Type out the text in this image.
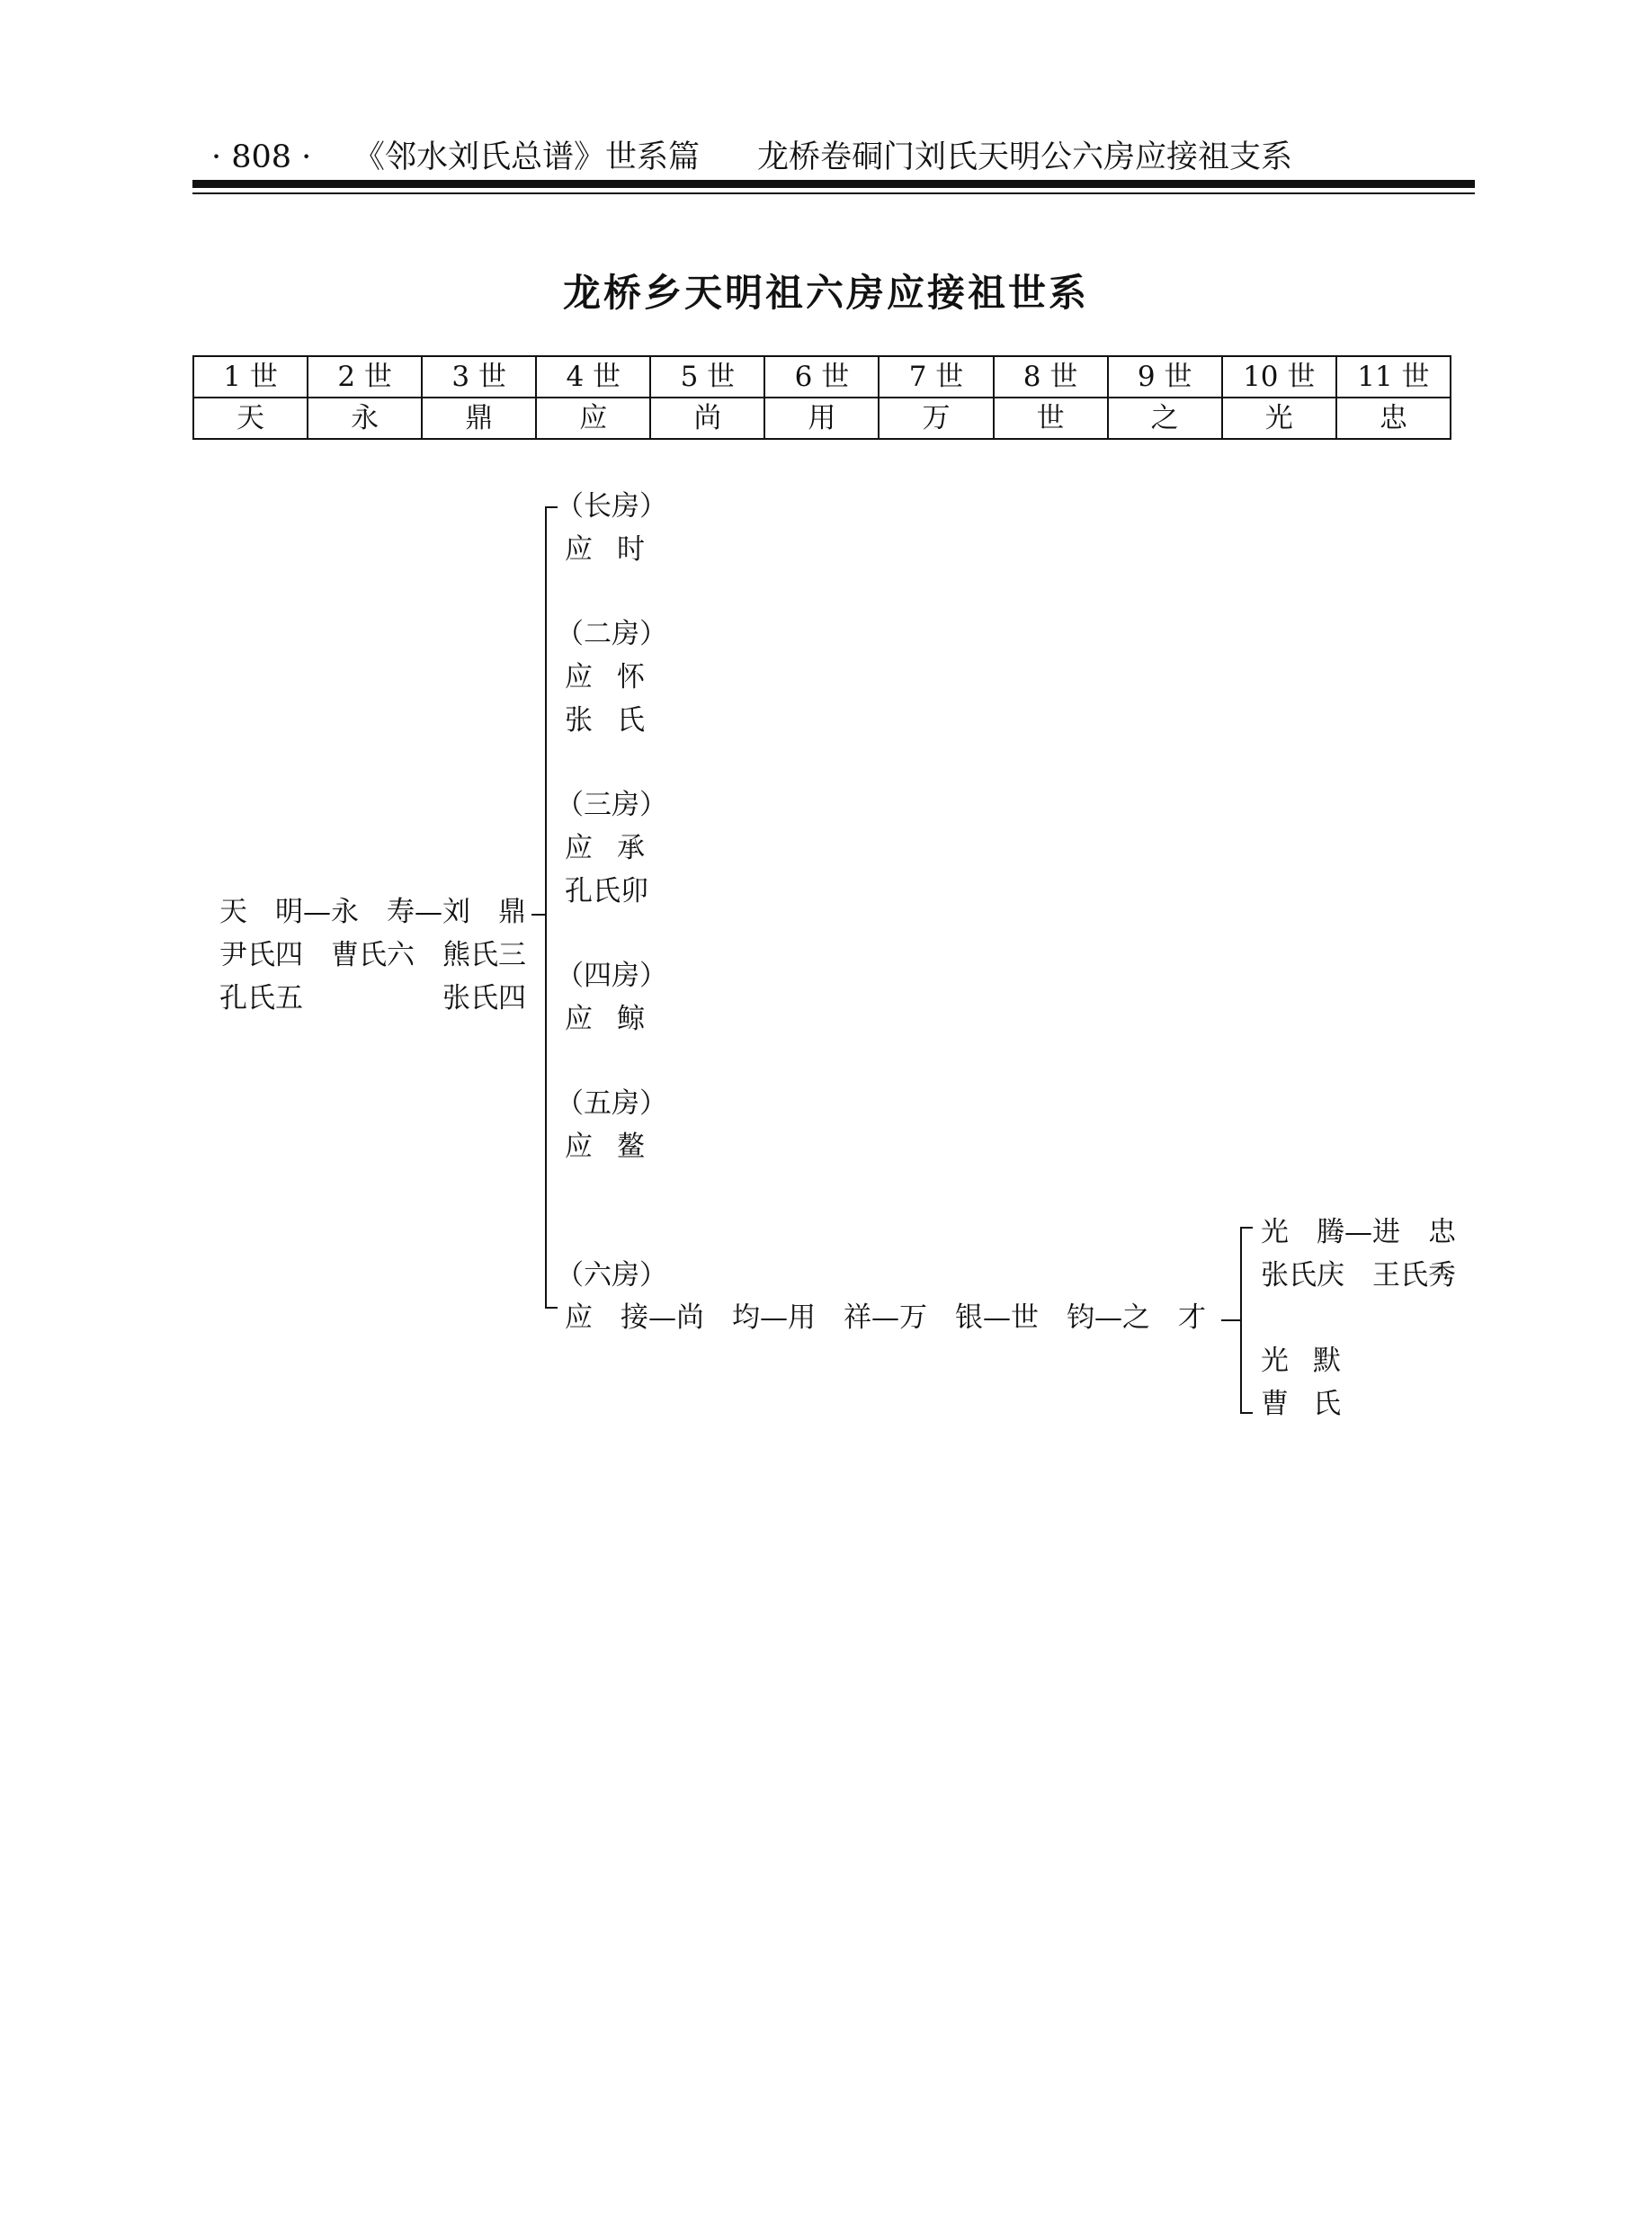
· 808 · 《邻水刘氏总谱》世系篇 龙桥卷硐门刘氏天明公六房应接祖支系
龙桥乡天明祖六房应接祖世系
1 世	2 世	3 世	4 世	5 世	6 世	7 世	8 世	9 世	10 世	11 世
天	永	鼎	应	尚	用	万	世	之	光	忠
天　明—永　寿—刘　鼎
尹氏四　曹氏六　熊氏三
孔氏五　　　　　张氏四
（长房）
应 时
（二房）
应 怀
张 氏
（三房）
应 承
孔氏卯
（四房）
应 鲸
（五房）
应 鳌
（六房）
应　接—尚　均—用　祥—万　银—世　钧—之　才
光　腾—进　忠
张氏庆　王氏秀
光 默
曹 氏
